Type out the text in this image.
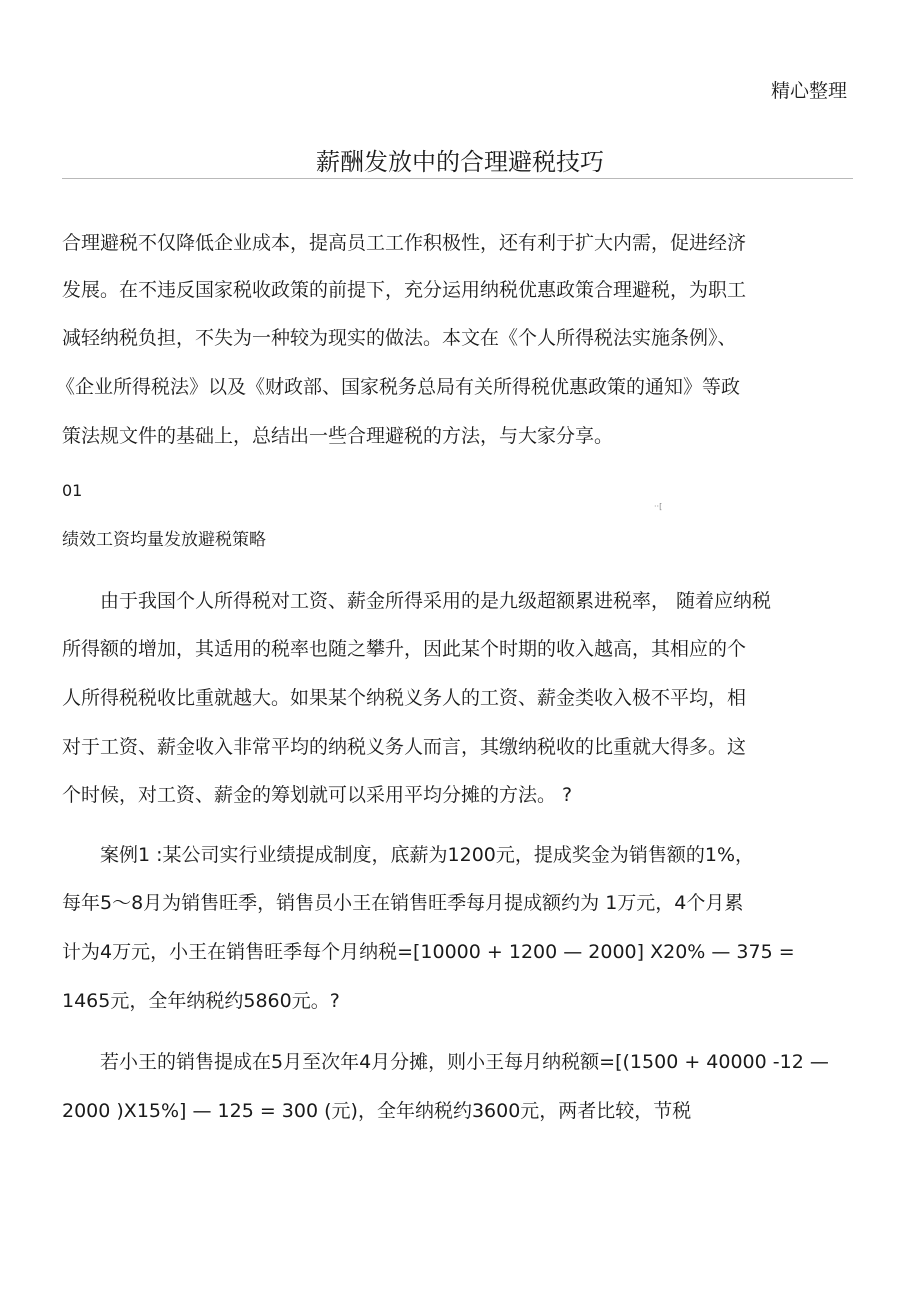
精心整理
薪酬发放中的合理避税技巧
合理避税不仅降低企业成本，提高员工工作积极性，还有利于扩大内需，促进经济
发展。在不违反国家税收政策的前提下，充分运用纳税优惠政策合理避税，为职工
减轻纳税负担，不失为一种较为现实的做法。本文在《个人所得税法实施条例》、
《企业所得税法》以及《财政部、国家税务总局有关所得税优惠政策的通知》等政
策法规文件的基础上，总结出一些合理避税的方法，与大家分享。
01
··[
绩效工资均量发放避税策略
由于我国个人所得税对工资、薪金所得采用的是九级超额累进税率， 随着应纳税
所得额的增加，其适用的税率也随之攀升，因此某个时期的收入越高，其相应的个
人所得税税收比重就越大。如果某个纳税义务人的工资、薪金类收入极不平均，相
对于工资、薪金收入非常平均的纳税义务人而言，其缴纳税收的比重就大得多。这
个时候，对工资、薪金的筹划就可以采用平均分摊的方法。 ?
案例1 :某公司实行业绩提成制度，底薪为1200元，提成奖金为销售额的1%，
每年5〜8月为销售旺季，销售员小王在销售旺季每月提成额约为 1万元，4个月累
计为4万元，小王在销售旺季每个月纳税=[10000 + 1200 — 2000] X20% — 375 =
1465元，全年纳税约5860元。?
若小王的销售提成在5月至次年4月分摊，则小王每月纳税额=[(1500 + 40000 -12 —
2000 )X15%] — 125 = 300 (元)，全年纳税约3600元，两者比较，节税
